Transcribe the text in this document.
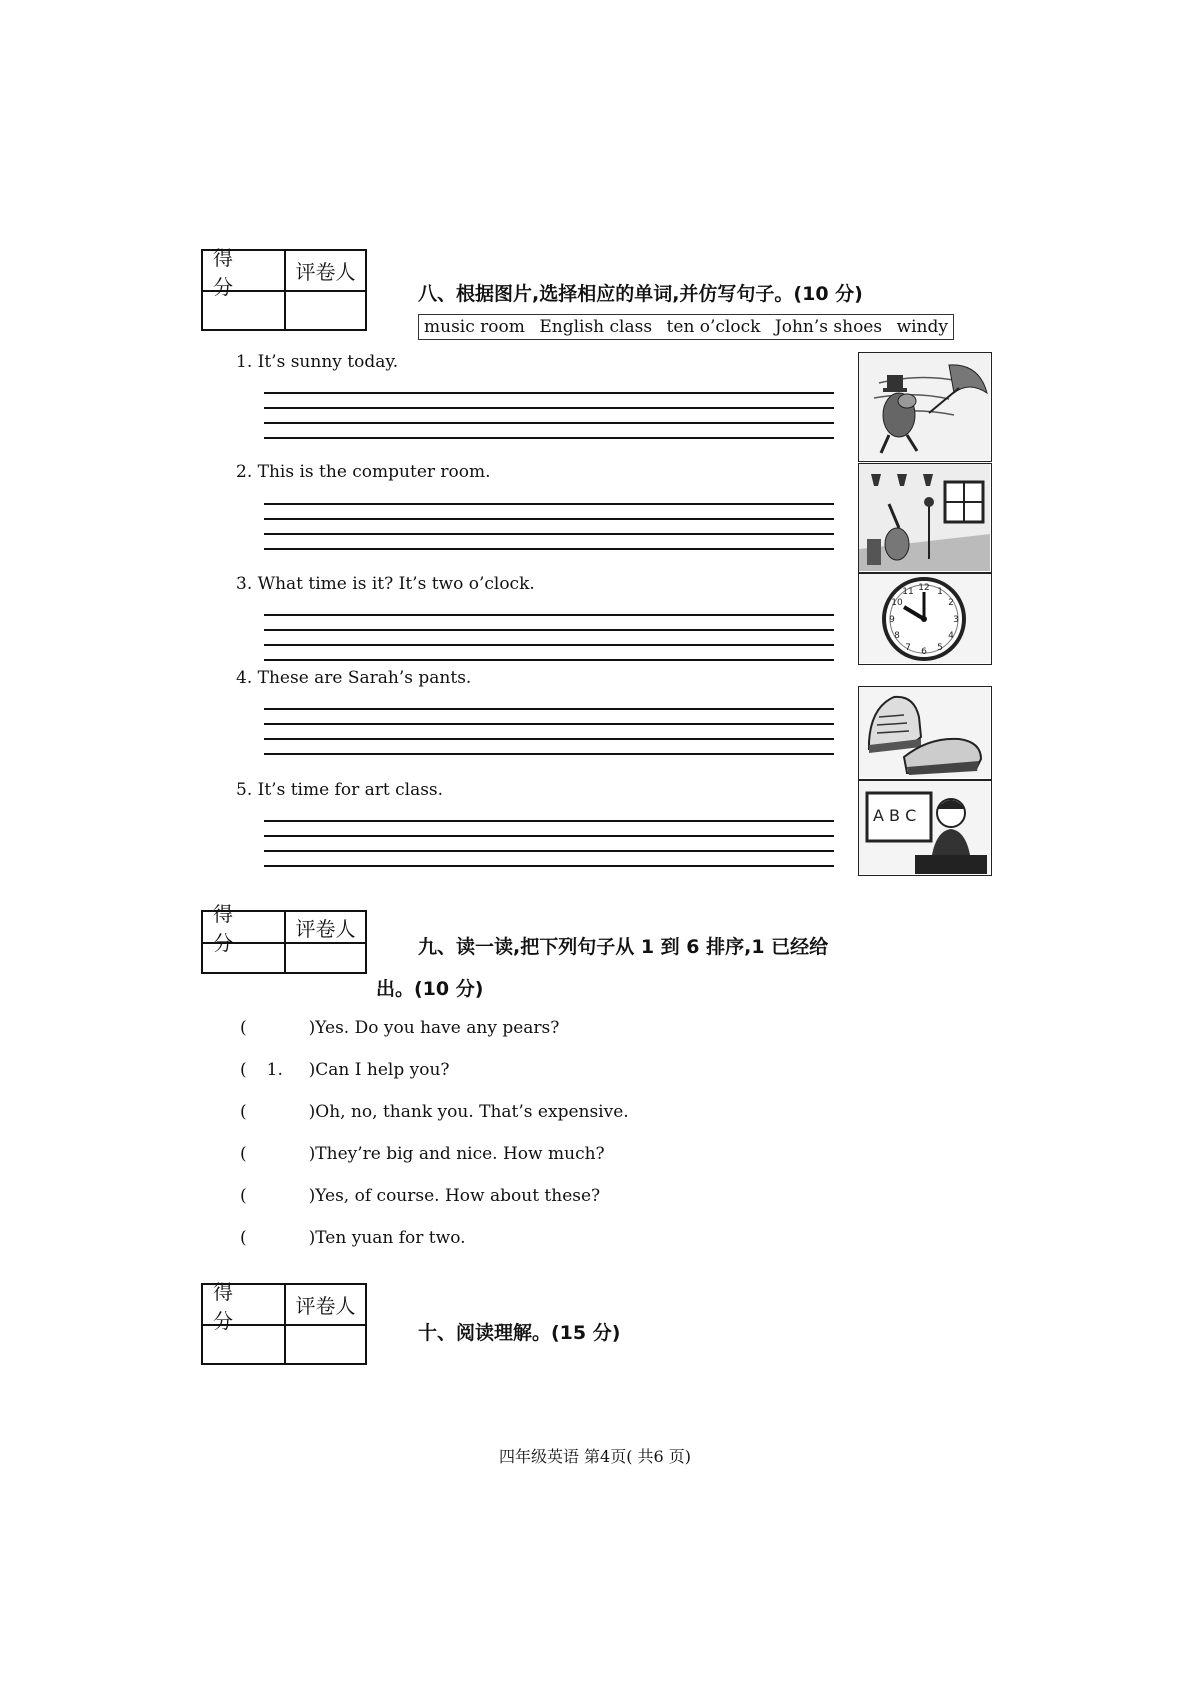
得 分
评卷人
八、根据图片,选择相应的单词,并仿写句子。(10 分)
music room English class ten o’clock John’s shoes windy
1. It’s sunny today.
2. This is the computer room.
3. What time is it? It’s two o’clock.	12 1
2
3
4
5
6
7
8
9
10
11
4. These are Sarah’s pants.
5. It’s time for art class.
A B C
得 分
评卷人
九、读一读,把下列句子从 1 到 6 排序,1 已经给
出。(10 分)
(	)Yes. Do you have any pears?
( 1. )Can I help you?
(	)Oh, no, thank you. That’s expensive.
(	)They’re big and nice. How much?
(	)Yes, of course. How about these?
(	)Ten yuan for two.
得 分
评卷人
十、阅读理解。(15 分)
四年级英语 第4页( 共6 页)
